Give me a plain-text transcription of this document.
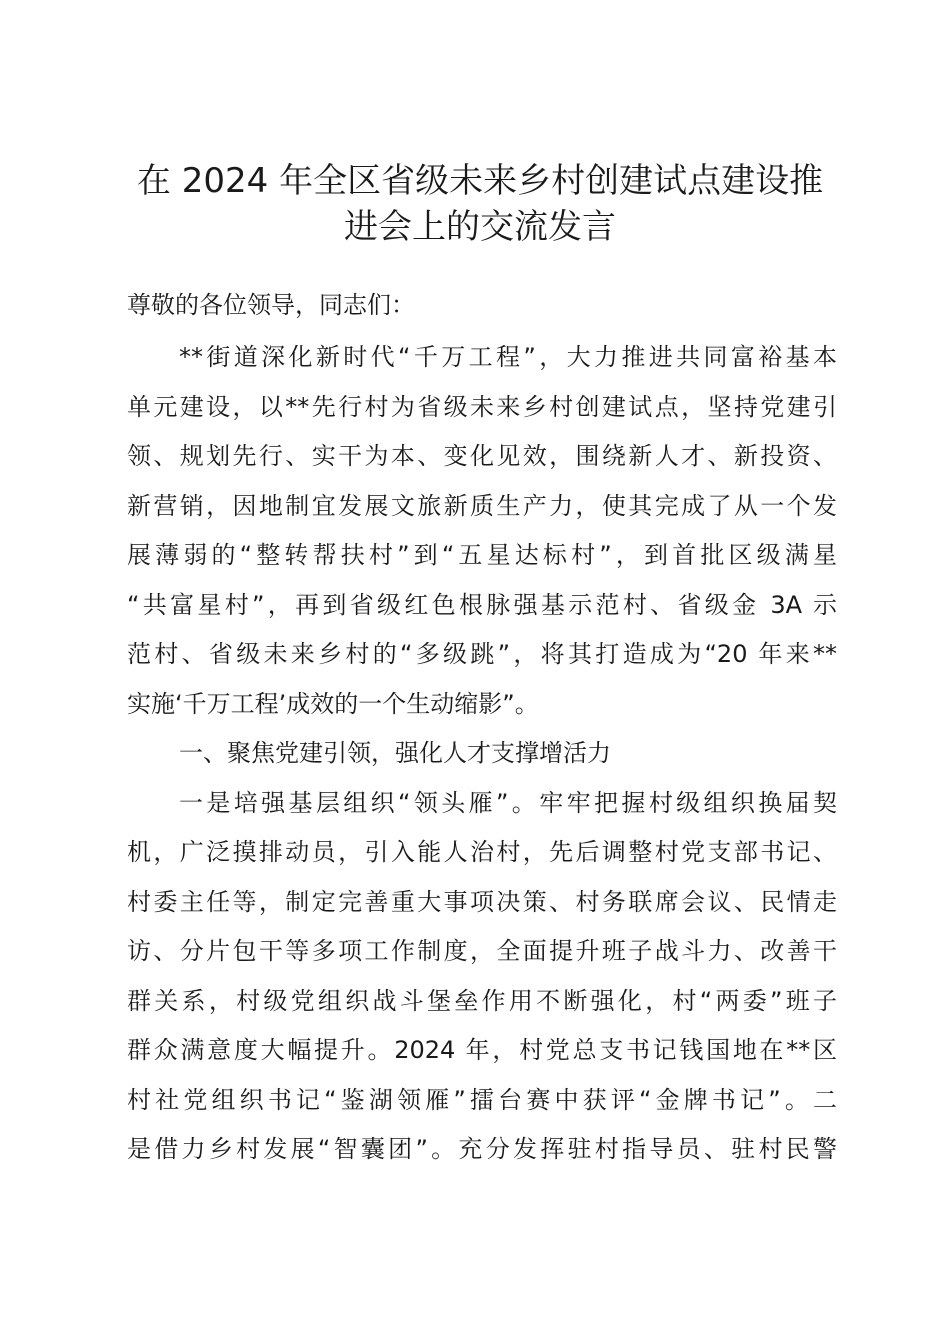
在 2024 年全区省级未来乡村创建试点建设推
进会上的交流发言

尊敬的各位领导，同志们：

**街道深化新时代“千万工程”，大力推进共同富裕基本

单元建设，以**先行村为省级未来乡村创建试点，坚持党建引

领、规划先行、实干为本、变化见效，围绕新人才、新投资、

新营销，因地制宜发展文旅新质生产力，使其完成了从一个发

展薄弱的“整转帮扶村”到“五星达标村”，到首批区级满星

“共富星村”，再到省级红色根脉强基示范村、省级金 3A 示

范村、省级未来乡村的“多级跳”，将其打造成为“20 年来**

实施‘千万工程’成效的一个生动缩影”。

一、聚焦党建引领，强化人才支撑增活力

一是培强基层组织“领头雁”。牢牢把握村级组织换届契

机，广泛摸排动员，引入能人治村，先后调整村党支部书记、

村委主任等，制定完善重大事项决策、村务联席会议、民情走

访、分片包干等多项工作制度，全面提升班子战斗力、改善干

群关系，村级党组织战斗堡垒作用不断强化，村“两委”班子

群众满意度大幅提升。2024 年，村党总支书记钱国地在**区

村社党组织书记“鉴湖领雁”擂台赛中获评“金牌书记”。二

是借力乡村发展“智囊团”。充分发挥驻村指导员、驻村民警
